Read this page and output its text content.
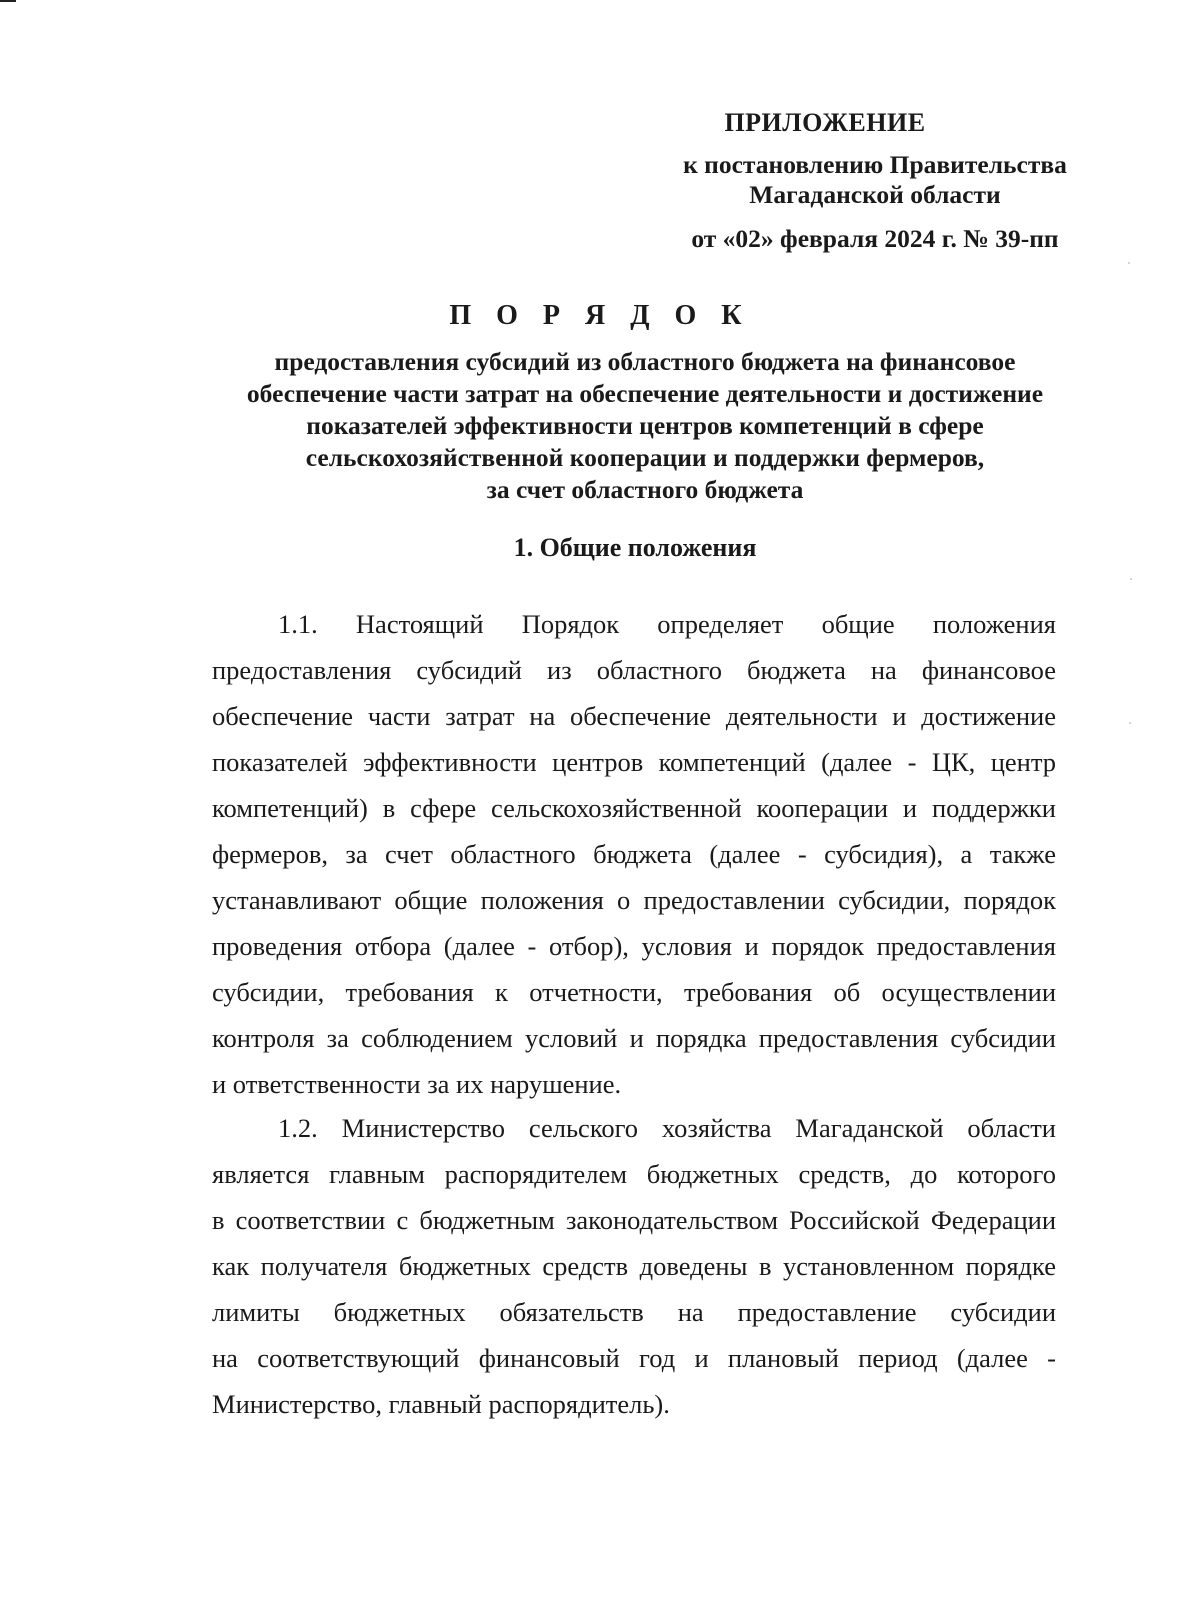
ПРИЛОЖЕНИЕ
к постановлению Правительства
Магаданской области
от «02» февраля 2024 г. № 39-пп
П О Р Я Д О К
предоставления субсидий из областного бюджета на финансовое
обеспечение части затрат на обеспечение деятельности и достижение
показателей эффективности центров компетенций в сфере
сельскохозяйственной кооперации и поддержки фермеров,
за счет областного бюджета
1. Общие положения
1.1. Настоящий Порядок определяет общие положения
предоставления субсидий из областного бюджета на финансовое
обеспечение части затрат на обеспечение деятельности и достижение
показателей эффективности центров компетенций (далее - ЦК, центр
компетенций) в сфере сельскохозяйственной кооперации и поддержки
фермеров, за счет областного бюджета (далее - субсидия), а также
устанавливают общие положения о предоставлении субсидии, порядок
проведения отбора (далее - отбор), условия и порядок предоставления
субсидии, требования к отчетности, требования об осуществлении
контроля за соблюдением условий и порядка предоставления субсидии
и ответственности за их нарушение.
1.2. Министерство сельского хозяйства Магаданской области
является главным распорядителем бюджетных средств, до которого
в соответствии с бюджетным законодательством Российской Федерации
как получателя бюджетных средств доведены в установленном порядке
лимиты бюджетных обязательств на предоставление субсидии
на соответствующий финансовый год и плановый период (далее -
Министерство, главный распорядитель).
